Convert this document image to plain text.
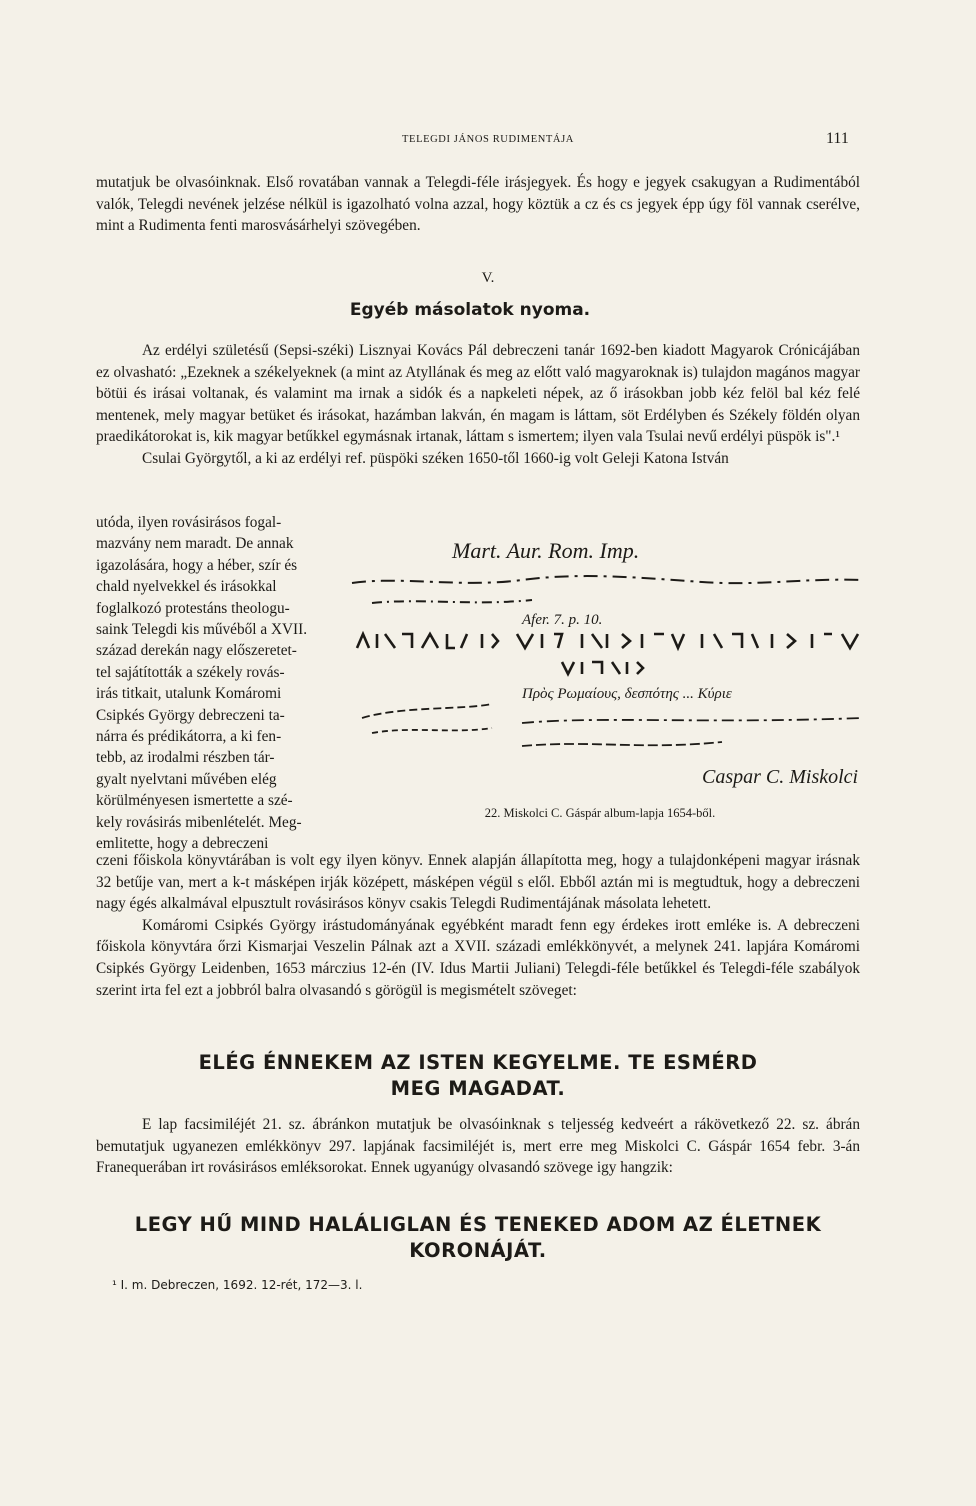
TELEGDI JÁNOS RUDIMENTÁJA	111

mutatjuk be olvasóinknak. Első rovatában vannak a Telegdi-féle irásjegyek. És hogy e jegyek csakugyan a Rudimentából valók, Telegdi nevének jelzése nélkül is igazolható volna azzal, hogy köztük a cz és cs jegyek épp úgy föl vannak cserélve, mint a Rudimenta fenti marosvásárhelyi szövegében.

V.
Egyéb másolatok nyoma.

Az erdélyi születésű (Sepsi-széki) Lisznyai Kovács Pál debreczeni tanár 1692-ben kiadott Magyarok Crónicájában ez olvasható: „Ezeknek a székelyeknek (a mint az Atyllának és meg az előtt való magyaroknak is) tulajdon magános magyar bötüi és irásai voltanak, és valamint ma irnak a sidók és a napkeleti népek, az ő irásokban jobb kéz felöl bal kéz felé mentenek, mely magyar betüket és irásokat, hazámban lakván, én magam is láttam, söt Erdélyben és Székely földén olyan praedikátorokat is, kik magyar betűkkel egymásnak irtanak, láttam s ismertem; ilyen vala Tsulai nevű erdélyi püspök is".¹

Csulai Györgytől, a ki az erdélyi ref. püspöki széken 1650-től 1660-ig volt Geleji Katona István

utóda, ilyen rovásirásos fogal-
mazvány nem maradt. De annak
igazolására, hogy a héber, szír és
chald nyelvekkel és irásokkal
foglalkozó protestáns theologu-
saink Telegdi kis művéből a XVII.
század derekán nagy előszeretet-
tel sajátították a székely rovás-
irás titkait, utalunk Komáromi
Csipkés György debreczeni ta-
nárra és prédikátorra, a ki fen-
tebb, az irodalmi részben tár-
gyalt nyelvtani művében elég
körülményesen ismertette a szé-
kely rovásirás mibenlételét. Meg-
emlitette, hogy a debreczeni
Mart. Aur. Rom. Imp.
Afer. 7. p. 10.
Πρὸς Ρωμαίους, δεσπότης ... Κύριε
Caspar C. Miskolci
22. Miskolci C. Gáspár album-lapja 1654-ből.

czeni főiskola könyvtárában is volt egy ilyen könyv. Ennek alapján állapította meg, hogy a tulajdonképeni magyar irásnak 32 betűje van, mert a k-t másképen irják középett, másképen végül s elől. Ebből aztán mi is megtudtuk, hogy a debreczeni nagy égés alkalmával elpusztult rovásirásos könyv csakis Telegdi Rudimentájának másolata lehetett.

Komáromi Csipkés György irástudományának egyébként maradt fenn egy érdekes irott emléke is. A debreczeni főiskola könyvtára őrzi Kismarjai Veszelin Pálnak azt a XVII. századi emlékkönyvét, a melynek 241. lapjára Komáromi Csipkés György Leidenben, 1653 márczius 12-én (IV. Idus Martii Juliani) Telegdi-féle betűkkel és Telegdi-féle szabályok szerint irta fel ezt a jobbról balra olvasandó s görögül is megismételt szöveget:

ELÉG ÉNNEKEM AZ ISTEN KEGYELME. TE ESMÉRD
MEG MAGADAT.

E lap facsimiléjét 21. sz. ábránkon mutatjuk be olvasóinknak s teljesség kedveért a rákövetkező 22. sz. ábrán bemutatjuk ugyanezen emlékkönyv 297. lapjának facsimiléjét is, mert erre meg Miskolci C. Gáspár 1654 febr. 3-án Franequerában irt rovásirásos emléksorokat. Ennek ugyanúgy olvasandó szövege igy hangzik:

LEGY HŰ MIND HALÁLIGLAN ÉS TENEKED ADOM AZ ÉLETNEK
KORONÁJÁT.
¹ I. m. Debreczen, 1692. 12-rét, 172—3. l.
